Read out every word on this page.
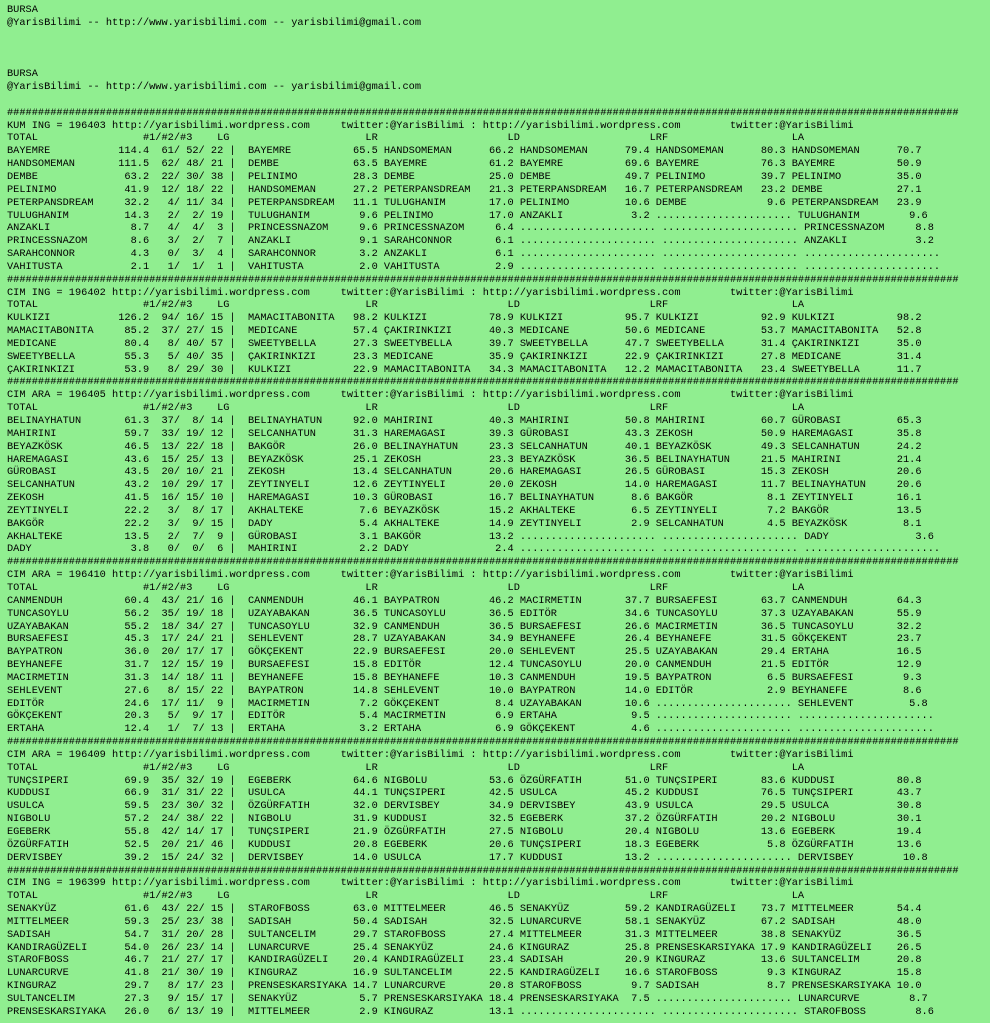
BURSA
@YarisBilimi -- http://www.yarisbilimi.com -- yarisbilimi@gmail.com
BURSA
@YarisBilimi -- http://www.yarisbilimi.com -- yarisbilimi@gmail.com
##########################################################################################################################################################
KUM ING = 196403 http://yarisbilimi.wordpress.com     twitter:@YarisBilimi : http://yarisbilimi.wordpress.com        twitter:@YarisBilimi
TOTAL                 #1/#2/#3    LG                      LR                     LD                     LRF                    LA
BAYEMRE           114.4  61/ 52/ 22 |  BAYEMRE          65.5 HANDSOMEMAN      66.2 HANDSOMEMAN      79.4 HANDSOMEMAN      80.3 HANDSOMEMAN      70.7
HANDSOMEMAN       111.5  62/ 48/ 21 |  DEMBE            63.5 BAYEMRE          61.2 BAYEMRE          69.6 BAYEMRE          76.3 BAYEMRE          50.9
DEMBE              63.2  22/ 30/ 38 |  PELINIMO         28.3 DEMBE            25.0 DEMBE            49.7 PELINIMO         39.7 PELINIMO         35.0
PELINIMO           41.9  12/ 18/ 22 |  HANDSOMEMAN      27.2 PETERPANSDREAM   21.3 PETERPANSDREAM   16.7 PETERPANSDREAM   23.2 DEMBE            27.1
PETERPANSDREAM     32.2   4/ 11/ 34 |  PETERPANSDREAM   11.1 TULUGHANIM       17.0 PELINIMO         10.6 DEMBE             9.6 PETERPANSDREAM   23.9
TULUGHANIM         14.3   2/  2/ 19 |  TULUGHANIM        9.6 PELINIMO         17.0 ANZAKLI           3.2 ...................... TULUGHANIM        9.6
ANZAKLI             8.7   4/  4/  3 |  PRINCESSNAZOM     9.6 PRINCESSNAZOM     6.4 ...................... ...................... PRINCESSNAZOM     8.8
PRINCESSNAZOM       8.6   3/  2/  7 |  ANZAKLI           9.1 SARAHCONNOR       6.1 ...................... ...................... ANZAKLI           3.2
SARAHCONNOR         4.3   0/  3/  4 |  SARAHCONNOR       3.2 ANZAKLI           6.1 ...................... ...................... ......................
VAHITUSTA           2.1   1/  1/  1 |  VAHITUSTA         2.0 VAHITUSTA         2.9 ...................... ...................... ......................
##########################################################################################################################################################
CIM ING = 196402 http://yarisbilimi.wordpress.com     twitter:@YarisBilimi : http://yarisbilimi.wordpress.com        twitter:@YarisBilimi
TOTAL                 #1/#2/#3    LG                      LR                     LD                     LRF                    LA
KULKIZI           126.2  94/ 16/ 15 |  MAMACITABONITA   98.2 KULKIZI          78.9 KULKIZI          95.7 KULKIZI          92.9 KULKIZI          98.2
MAMACITABONITA     85.2  37/ 27/ 15 |  MEDICANE         57.4 ÇAKIRINKIZI      40.3 MEDICANE         50.6 MEDICANE         53.7 MAMACITABONITA   52.8
MEDICANE           80.4   8/ 40/ 57 |  SWEETYBELLA      27.3 SWEETYBELLA      39.7 SWEETYBELLA      47.7 SWEETYBELLA      31.4 ÇAKIRINKIZI      35.0
SWEETYBELLA        55.3   5/ 40/ 35 |  ÇAKIRINKIZI      23.3 MEDICANE         35.9 ÇAKIRINKIZI      22.9 ÇAKIRINKIZI      27.8 MEDICANE         31.4
ÇAKIRINKIZI        53.9   8/ 29/ 30 |  KULKIZI          22.9 MAMACITABONITA   34.3 MAMACITABONITA   12.2 MAMACITABONITA   23.4 SWEETYBELLA      11.7
##########################################################################################################################################################
CIM ARA = 196405 http://yarisbilimi.wordpress.com     twitter:@YarisBilimi : http://yarisbilimi.wordpress.com        twitter:@YarisBilimi
TOTAL                 #1/#2/#3    LG                      LR                     LD                     LRF                    LA
BELINAYHATUN       61.3  37/  8/ 14 |  BELINAYHATUN     92.0 MAHIRINI         40.3 MAHIRINI         50.8 MAHIRINI         60.7 GÜROBASI         65.3
MAHIRINI           59.7  33/ 19/ 12 |  SELCANHATUN      31.3 HAREMAGASI       39.3 GÜROBASI         43.3 ZEKOSH           50.9 HAREMAGASI       35.8
BEYAZKÖSK          46.5  13/ 22/ 18 |  BAKGÖR           26.0 BELINAYHATUN     23.3 SELCANHATUN      40.1 BEYAZKÖSK        49.3 SELCANHATUN      24.2
HAREMAGASI         43.6  15/ 25/ 13 |  BEYAZKÖSK        25.1 ZEKOSH           23.3 BEYAZKÖSK        36.5 BELINAYHATUN     21.5 MAHIRINI         21.4
GÜROBASI           43.5  20/ 10/ 21 |  ZEKOSH           13.4 SELCANHATUN      20.6 HAREMAGASI       26.5 GÜROBASI         15.3 ZEKOSH           20.6
SELCANHATUN        43.2  10/ 29/ 17 |  ZEYTINYELI       12.6 ZEYTINYELI       20.0 ZEKOSH           14.0 HAREMAGASI       11.7 BELINAYHATUN     20.6
ZEKOSH             41.5  16/ 15/ 10 |  HAREMAGASI       10.3 GÜROBASI         16.7 BELINAYHATUN      8.6 BAKGÖR            8.1 ZEYTINYELI       16.1
ZEYTINYELI         22.2   3/  8/ 17 |  AKHALTEKE         7.6 BEYAZKÖSK        15.2 AKHALTEKE         6.5 ZEYTINYELI        7.2 BAKGÖR           13.5
BAKGÖR             22.2   3/  9/ 15 |  DADY              5.4 AKHALTEKE        14.9 ZEYTINYELI        2.9 SELCANHATUN       4.5 BEYAZKÖSK         8.1
AKHALTEKE          13.5   2/  7/  9 |  GÜROBASI          3.1 BAKGÖR           13.2 ...................... ...................... DADY              3.6
DADY                3.8   0/  0/  6 |  MAHIRINI          2.2 DADY              2.4 ...................... ...................... ......................
##########################################################################################################################################################
CIM ARA = 196410 http://yarisbilimi.wordpress.com     twitter:@YarisBilimi : http://yarisbilimi.wordpress.com        twitter:@YarisBilimi
TOTAL                 #1/#2/#3    LG                      LR                     LD                     LRF                    LA
CANMENDUH          60.4  43/ 21/ 16 |  CANMENDUH        46.1 BAYPATRON        46.2 MACIRMETIN       37.7 BURSAEFESI       63.7 CANMENDUH        64.3
TUNCASOYLU         56.2  35/ 19/ 18 |  UZAYABAKAN       36.5 TUNCASOYLU       36.5 EDITÖR           34.6 TUNCASOYLU       37.3 UZAYABAKAN       55.9
UZAYABAKAN         55.2  18/ 34/ 27 |  TUNCASOYLU       32.9 CANMENDUH        36.5 BURSAEFESI       26.6 MACIRMETIN       36.5 TUNCASOYLU       32.2
BURSAEFESI         45.3  17/ 24/ 21 |  SEHLEVENT        28.7 UZAYABAKAN       34.9 BEYHANEFE        26.4 BEYHANEFE        31.5 GÖKÇEKENT        23.7
BAYPATRON          36.0  20/ 17/ 17 |  GÖKÇEKENT        22.9 BURSAEFESI       20.0 SEHLEVENT        25.5 UZAYABAKAN       29.4 ERTAHA           16.5
BEYHANEFE          31.7  12/ 15/ 19 |  BURSAEFESI       15.8 EDITÖR           12.4 TUNCASOYLU       20.0 CANMENDUH        21.5 EDITÖR           12.9
MACIRMETIN         31.3  14/ 18/ 11 |  BEYHANEFE        15.8 BEYHANEFE        10.3 CANMENDUH        19.5 BAYPATRON         6.5 BURSAEFESI        9.3
SEHLEVENT          27.6   8/ 15/ 22 |  BAYPATRON        14.8 SEHLEVENT        10.0 BAYPATRON        14.0 EDITÖR            2.9 BEYHANEFE         8.6
EDITÖR             24.6  17/ 11/  9 |  MACIRMETIN        7.2 GÖKÇEKENT         8.4 UZAYABAKAN       10.6 ...................... SEHLEVENT         5.8
GÖKÇEKENT          20.3   5/  9/ 17 |  EDITÖR            5.4 MACIRMETIN        6.9 ERTAHA            9.5 ...................... ......................
ERTAHA             12.4   1/  7/ 13 |  ERTAHA            3.2 ERTAHA            6.9 GÖKÇEKENT         4.6 ...................... ......................
##########################################################################################################################################################
CIM ARA = 196409 http://yarisbilimi.wordpress.com     twitter:@YarisBilimi : http://yarisbilimi.wordpress.com        twitter:@YarisBilimi
TOTAL                 #1/#2/#3    LG                      LR                     LD                     LRF                    LA
TUNÇSIPERI         69.9  35/ 32/ 19 |  EGEBERK          64.6 NIGBOLU          53.6 ÖZGÜRFATIH       51.0 TUNÇSIPERI       83.6 KUDDUSI          80.8
KUDDUSI            66.9  31/ 31/ 22 |  USULCA           44.1 TUNÇSIPERI       42.5 USULCA           45.2 KUDDUSI          76.5 TUNÇSIPERI       43.7
USULCA             59.5  23/ 30/ 32 |  ÖZGÜRFATIH       32.0 DERVISBEY        34.9 DERVISBEY        43.9 USULCA           29.5 USULCA           30.8
NIGBOLU            57.2  24/ 38/ 22 |  NIGBOLU          31.9 KUDDUSI          32.5 EGEBERK          37.2 ÖZGÜRFATIH       20.2 NIGBOLU          30.1
EGEBERK            55.8  42/ 14/ 17 |  TUNÇSIPERI       21.9 ÖZGÜRFATIH       27.5 NIGBOLU          20.4 NIGBOLU          13.6 EGEBERK          19.4
ÖZGÜRFATIH         52.5  20/ 21/ 46 |  KUDDUSI          20.8 EGEBERK          20.6 TUNÇSIPERI       18.3 EGEBERK           5.8 ÖZGÜRFATIH       13.6
DERVISBEY          39.2  15/ 24/ 32 |  DERVISBEY        14.0 USULCA           17.7 KUDDUSI          13.2 ...................... DERVISBEY        10.8
##########################################################################################################################################################
CIM ING = 196399 http://yarisbilimi.wordpress.com     twitter:@YarisBilimi : http://yarisbilimi.wordpress.com        twitter:@YarisBilimi
TOTAL                 #1/#2/#3    LG                      LR                     LD                     LRF                    LA
SENAKYÜZ           61.6  43/ 22/ 15 |  STAROFBOSS       63.0 MITTELMEER       46.5 SENAKYÜZ         59.2 KANDIRAGÜZELI    73.7 MITTELMEER       54.4
MITTELMEER         59.3  25/ 23/ 38 |  SADISAH          50.4 SADISAH          32.5 LUNARCURVE       58.1 SENAKYÜZ         67.2 SADISAH          48.0
SADISAH            54.7  31/ 20/ 28 |  SULTANCELIM      29.7 STAROFBOSS       27.4 MITTELMEER       31.3 MITTELMEER       38.8 SENAKYÜZ         36.5
KANDIRAGÜZELI      54.0  26/ 23/ 14 |  LUNARCURVE       25.4 SENAKYÜZ         24.6 KINGURAZ         25.8 PRENSESKARSIYAKA 17.9 KANDIRAGÜZELI    26.5
STAROFBOSS         46.7  21/ 27/ 17 |  KANDIRAGÜZELI    20.4 KANDIRAGÜZELI    23.4 SADISAH          20.9 KINGURAZ         13.6 SULTANCELIM      20.8
LUNARCURVE         41.8  21/ 30/ 19 |  KINGURAZ         16.9 SULTANCELIM      22.5 KANDIRAGÜZELI    16.6 STAROFBOSS        9.3 KINGURAZ         15.8
KINGURAZ           29.7   8/ 17/ 23 |  PRENSESKARSIYAKA 14.7 LUNARCURVE       20.8 STAROFBOSS        9.7 SADISAH           8.7 PRENSESKARSIYAKA 10.0
SULTANCELIM        27.3   9/ 15/ 17 |  SENAKYÜZ          5.7 PRENSESKARSIYAKA 18.4 PRENSESKARSIYAKA  7.5 ...................... LUNARCURVE        8.7
PRENSESKARSIYAKA   26.0   6/ 13/ 19 |  MITTELMEER        2.9 KINGURAZ         13.1 ...................... ...................... STAROFBOSS        8.6
